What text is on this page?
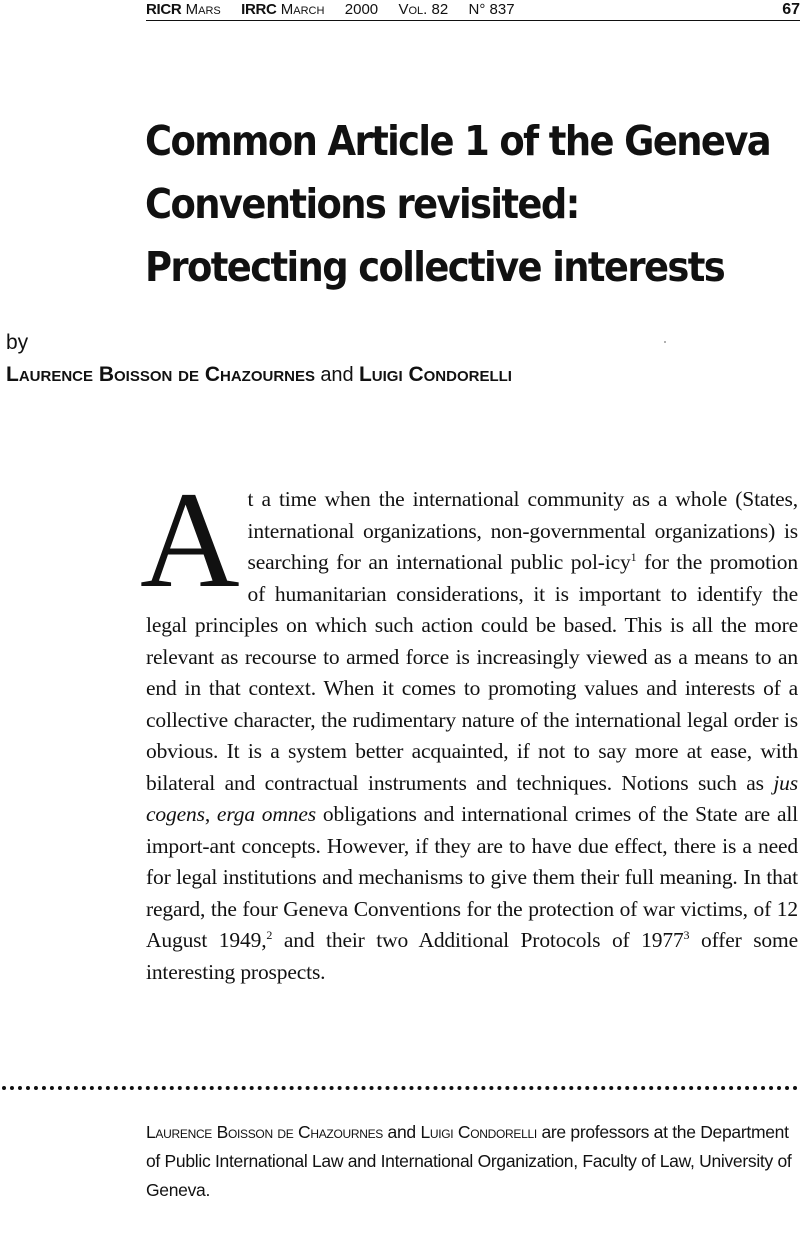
RICR Mars IRRC March 2000 Vol. 82 N° 837	67
Common Article 1 of the Geneva
Conventions revisited:
Protecting collective interests
by
Laurence Boisson de Chazournes and Luigi Condorelli

At a time when the international community as a whole (States, international organizations, non-governmental organizations) is searching for an international public pol-icy$^1$ for the promotion of humanitarian considerations, it is important to identify the legal principles on which such action could be based. This is all the more relevant as recourse to armed force is increasingly viewed as a means to an end in that context. When it comes to promoting values and interests of a collective character, the rudimentary nature of the international legal order is obvious. It is a system better acquainted, if not to say more at ease, with bilateral and contractual instruments and techniques. Notions such as jus cogens, erga omnes obligations and international crimes of the State are all import-ant concepts. However, if they are to have due effect, there is a need for legal institutions and mechanisms to give them their full meaning. In that regard, the four Geneva Conventions for the protection of war victims, of 12 August 1949,$^2$ and their two Additional Protocols of 1977$^3$ offer some interesting prospects.

Laurence Boisson de Chazournes and Luigi Condorelli are professors at the Department of Public International Law and International Organization, Faculty of Law, University of Geneva.
